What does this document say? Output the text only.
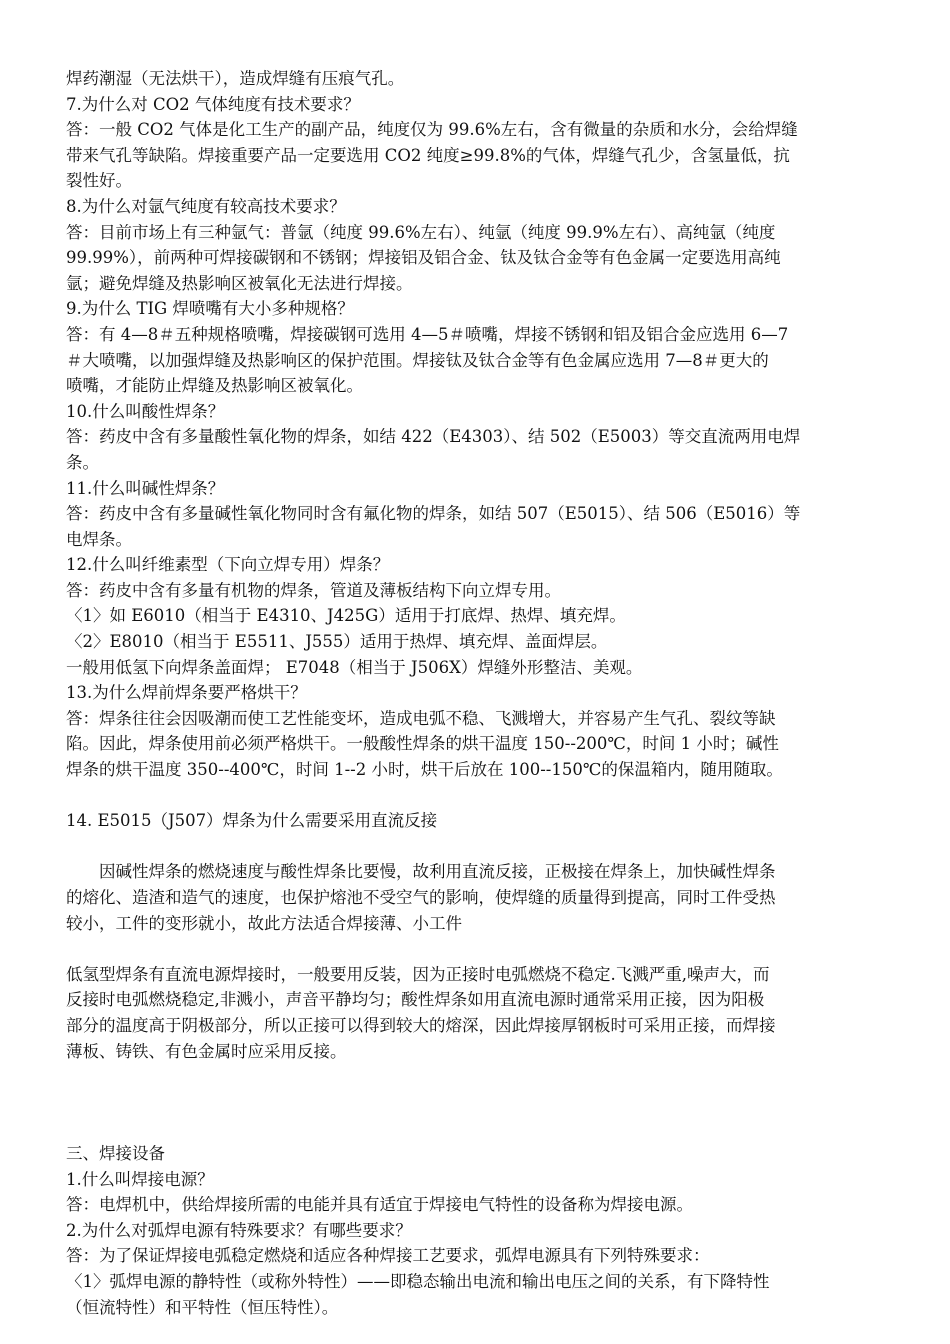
焊药潮湿（无法烘干），造成焊缝有压痕气孔。
7.为什么对 CO2 气体纯度有技术要求？
答：一般 CO2 气体是化工生产的副产品，纯度仅为 99.6%左右，含有微量的杂质和水分，会给焊缝
带来气孔等缺陷。焊接重要产品一定要选用 CO2 纯度≥99.8%的气体，焊缝气孔少，含氢量低，抗
裂性好。
8.为什么对氩气纯度有较高技术要求？
答：目前市场上有三种氩气：普氩（纯度 99.6%左右）、纯氩（纯度 99.9%左右）、高纯氩（纯度
99.99%），前两种可焊接碳钢和不锈钢；焊接铝及铝合金、钛及钛合金等有色金属一定要选用高纯
氩；避免焊缝及热影响区被氧化无法进行焊接。
9.为什么 TIG 焊喷嘴有大小多种规格？
答：有 4—8＃五种规格喷嘴，焊接碳钢可选用 4—5＃喷嘴，焊接不锈钢和铝及铝合金应选用 6—7
＃大喷嘴，以加强焊缝及热影响区的保护范围。焊接钛及钛合金等有色金属应选用 7—8＃更大的
喷嘴，才能防止焊缝及热影响区被氧化。
10.什么叫酸性焊条？
答：药皮中含有多量酸性氧化物的焊条，如结 422（E4303）、结 502（E5003）等交直流两用电焊
条。
11.什么叫碱性焊条？
答：药皮中含有多量碱性氧化物同时含有氟化物的焊条，如结 507（E5015）、结 506（E5016）等
电焊条。
12.什么叫纤维素型（下向立焊专用）焊条？
答：药皮中含有多量有机物的焊条，管道及薄板结构下向立焊专用。
〈1〉如 E6010（相当于 E4310、J425G）适用于打底焊、热焊、填充焊。
〈2〉E8010（相当于 E5511、J555）适用于热焊、填充焊、盖面焊层。
一般用低氢下向焊条盖面焊； E7048（相当于 J506X）焊缝外形整洁、美观。
13.为什么焊前焊条要严格烘干？
答：焊条往往会因吸潮而使工艺性能变坏，造成电弧不稳、飞溅增大，并容易产生气孔、裂纹等缺
陷。因此，焊条使用前必须严格烘干。一般酸性焊条的烘干温度 150--200℃，时间 1 小时；碱性
焊条的烘干温度 350--400℃，时间 1--2 小时，烘干后放在 100--150℃的保温箱内，随用随取。
14. E5015（J507）焊条为什么需要采用直流反接
因碱性焊条的燃烧速度与酸性焊条比要慢，故利用直流反接，正极接在焊条上，加快碱性焊条
的熔化、造渣和造气的速度，也保护熔池不受空气的影响，使焊缝的质量得到提高，同时工件受热
较小，工件的变形就小，故此方法适合焊接薄、小工件
低氢型焊条有直流电源焊接时，一般要用反装，因为正接时电弧燃烧不稳定.飞溅严重,噪声大，而
反接时电弧燃烧稳定,非溅小，声音平静均匀；酸性焊条如用直流电源时通常采用正接，因为阳极
部分的温度高于阴极部分，所以正接可以得到较大的熔深，因此焊接厚钢板时可采用正接，而焊接
薄板、铸铁、有色金属时应采用反接。
三、焊接设备
1.什么叫焊接电源？
答：电焊机中，供给焊接所需的电能并具有适宜于焊接电气特性的设备称为焊接电源。
2.为什么对弧焊电源有特殊要求？有哪些要求？
答：为了保证焊接电弧稳定燃烧和适应各种焊接工艺要求，弧焊电源具有下列特殊要求：
〈1〉弧焊电源的静特性（或称外特性）——即稳态输出电流和输出电压之间的关系，有下降特性
（恒流特性）和平特性（恒压特性）。
